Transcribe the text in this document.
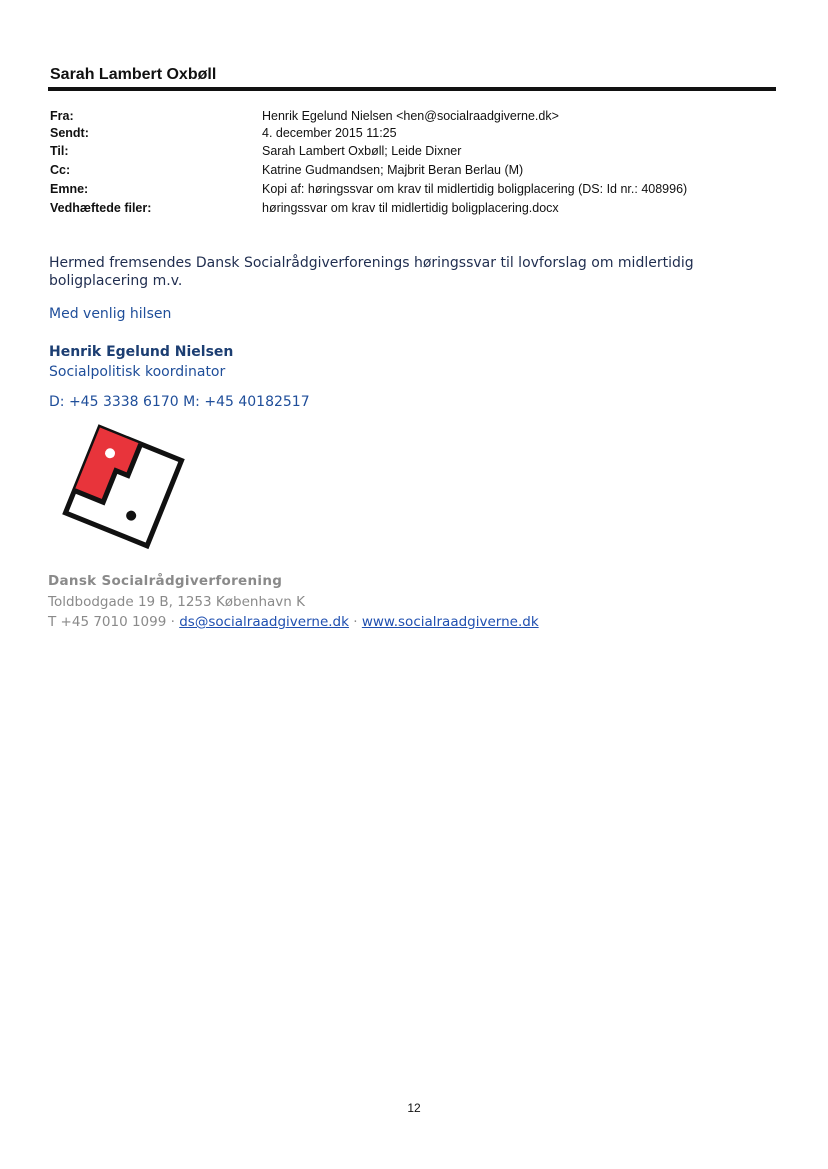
Sarah Lambert Oxbøll
Fra:	Henrik Egelund Nielsen <hen@socialraadgiverne.dk>
Sendt:	4. december 2015 11:25
Til:	Sarah Lambert Oxbøll; Leide Dixner
Cc:	Katrine Gudmandsen; Majbrit Beran Berlau (M)
Emne:	Kopi af: høringssvar om krav til midlertidig boligplacering (DS: Id nr.: 408996)
Vedhæftede filer:	høringssvar om krav til midlertidig boligplacering.docx
Hermed fremsendes Dansk Socialrådgiverforenings høringssvar til lovforslag om midlertidig
boligplacering m.v.
Med venlig hilsen
Henrik Egelund Nielsen
Socialpolitisk koordinator
D: +45 3338 6170 M: +45 40182517
Dansk Socialrådgiverforening
Toldbodgade 19 B, 1253 København K
T +45 7010 1099 · ds@socialraadgiverne.dk · www.socialraadgiverne.dk
12
